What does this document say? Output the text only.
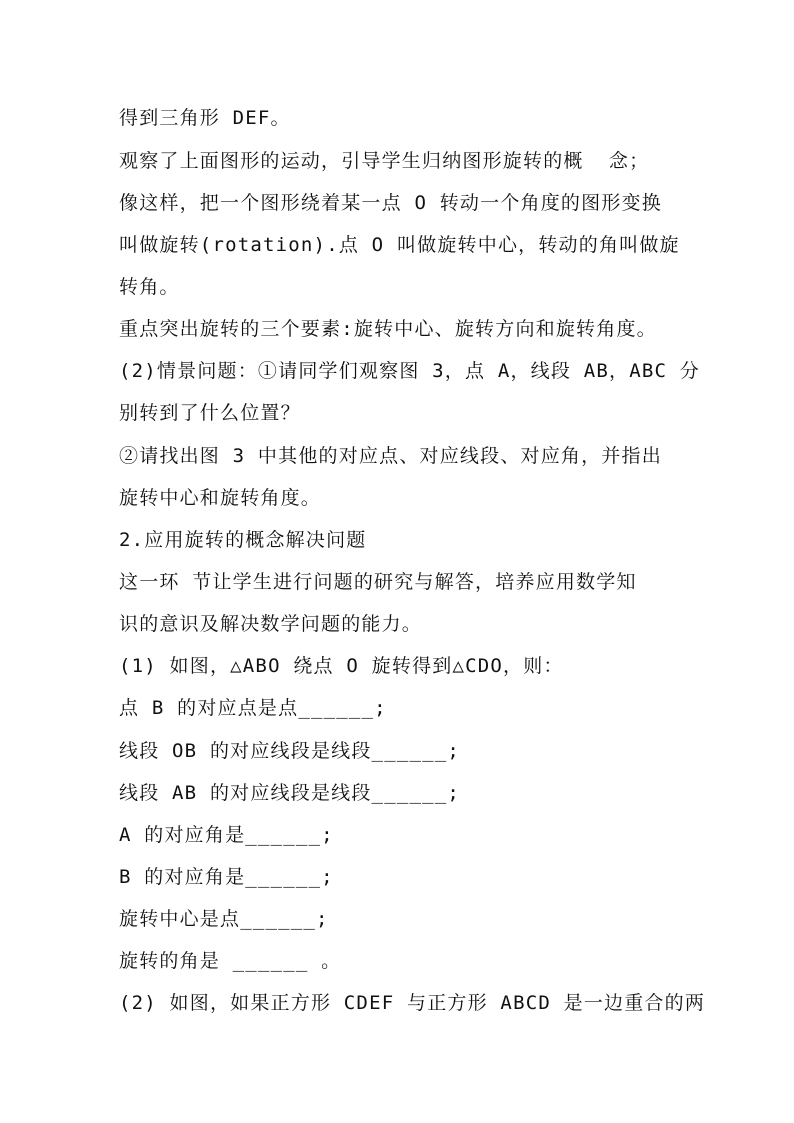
得到三角形 DEF。
观察了上面图形的运动，引导学生归纳图形旋转的概  念；
像这样，把一个图形绕着某一点 O 转动一个角度的图形变换
叫做旋转(rotation).点 O 叫做旋转中心，转动的角叫做旋
转角。
重点突出旋转的三个要素:旋转中心、旋转方向和旋转角度。
(2)情景问题：①请同学们观察图 3，点 A，线段 AB，ABC 分
别转到了什么位置？
②请找出图 3 中其他的对应点、对应线段、对应角，并指出
旋转中心和旋转角度。
2.应用旋转的概念解决问题
这一环 节让学生进行问题的研究与解答，培养应用数学知
识的意识及解决数学问题的能力。
(1) 如图，△ABO 绕点 O 旋转得到△CDO，则：
点 B 的对应点是点______;
线段 OB 的对应线段是线段______;
线段 AB 的对应线段是线段______;
A 的对应角是______;
B 的对应角是______;
旋转中心是点______;
旋转的角是 ______ 。
(2) 如图，如果正方形 CDEF 与正方形 ABCD 是一边重合的两
